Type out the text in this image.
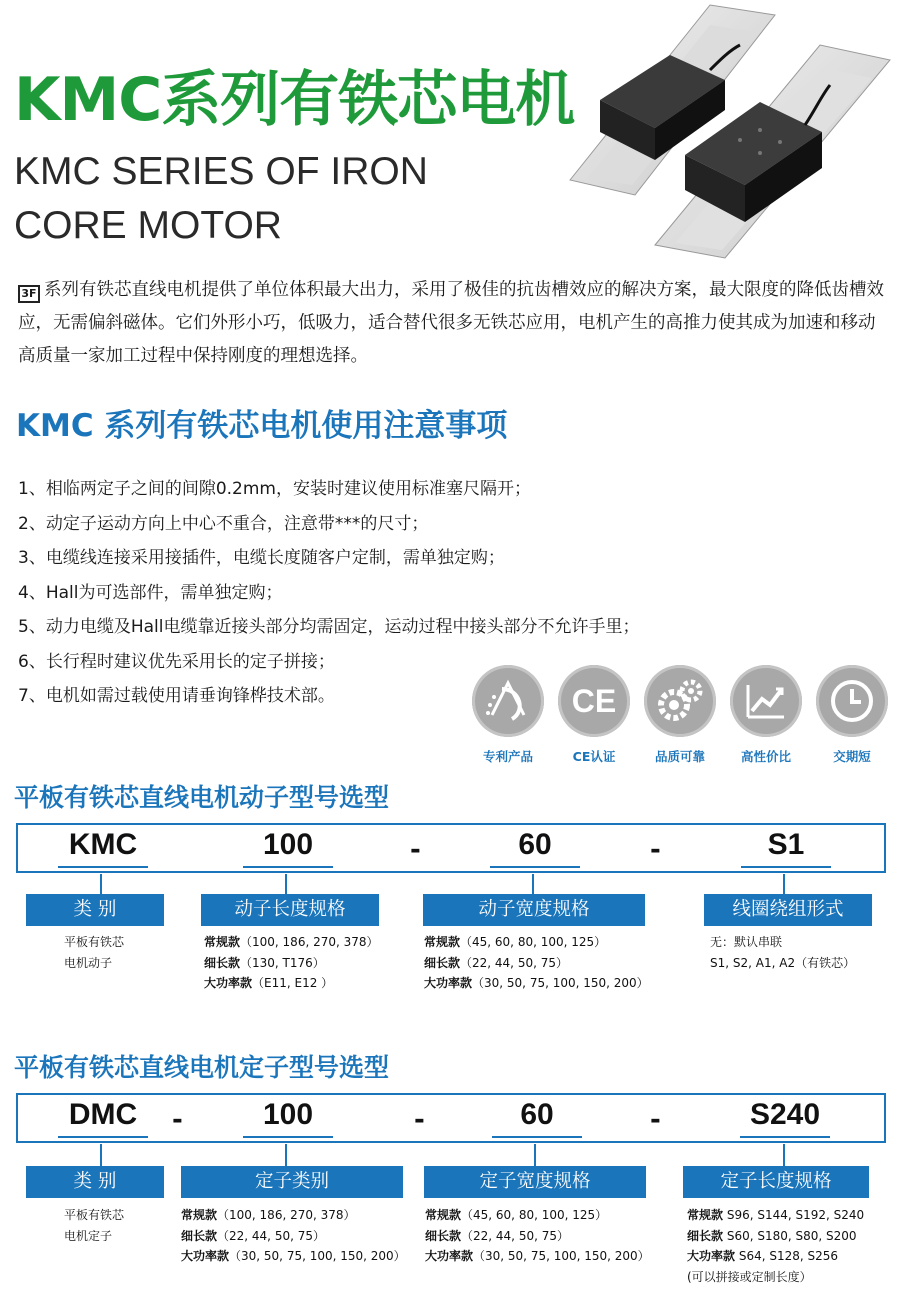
KMC系列有铁芯电机
KMC SERIES OF IRON
CORE MOTOR

3F 系列有铁芯直线电机提供了单位体积最大出力，采用了极佳的抗齿槽效应的解决方案，最大限度的降低齿槽效应，无需偏斜磁体。它们外形小巧，低吸力，适合替代很多无铁芯应用，电机产生的高推力使其成为加速和移动高质量一家加工过程中保持刚度的理想选择。

KMC 系列有铁芯电机使用注意事项
1、相临两定子之间的间隙0.2mm，安装时建议使用标准塞尺隔开；
2、动定子运动方向上中心不重合，注意带***的尺寸；
3、电缆线连接采用接插件，电缆长度随客户定制，需单独定购；
4、Hall为可选部件，需单独定购；
5、动力电缆及Hall电缆靠近接头部分均需固定，运动过程中接头部分不允许手里；
6、长行程时建议优先采用长的定子拼接；
7、电机如需过载使用请垂询锋桦技术部。
专利产品
CE
CE认证	品质可靠	高性价比	交期短
平板有铁芯直线电机动子型号选型
KMC	100	-	60	-	S1
类 别	动子长度规格	动子宽度规格	线圈绕组形式
平板有铁芯
电机动子
常规款（100, 186, 270, 378）
细长款（130, T176）
大功率款（E11, E12 ）
常规款（45, 60, 80, 100, 125）
细长款（22, 44, 50, 75）
大功率款（30, 50, 75, 100, 150, 200）
无：默认串联
S1, S2, A1, A2（有铁芯）
平板有铁芯直线电机定子型号选型
DMC	-	100	-	60	-	S240
类 别	定子类别	定子宽度规格	定子长度规格
平板有铁芯
电机定子
常规款（100, 186, 270, 378）
细长款（22, 44, 50, 75）
大功率款（30, 50, 75, 100, 150, 200）
常规款（45, 60, 80, 100, 125）
细长款（22, 44, 50, 75）
大功率款（30, 50, 75, 100, 150, 200）
常规款 S96, S144, S192, S240
细长款 S60, S180, S80, S200
大功率款 S64, S128, S256
(可以拼接或定制长度）
